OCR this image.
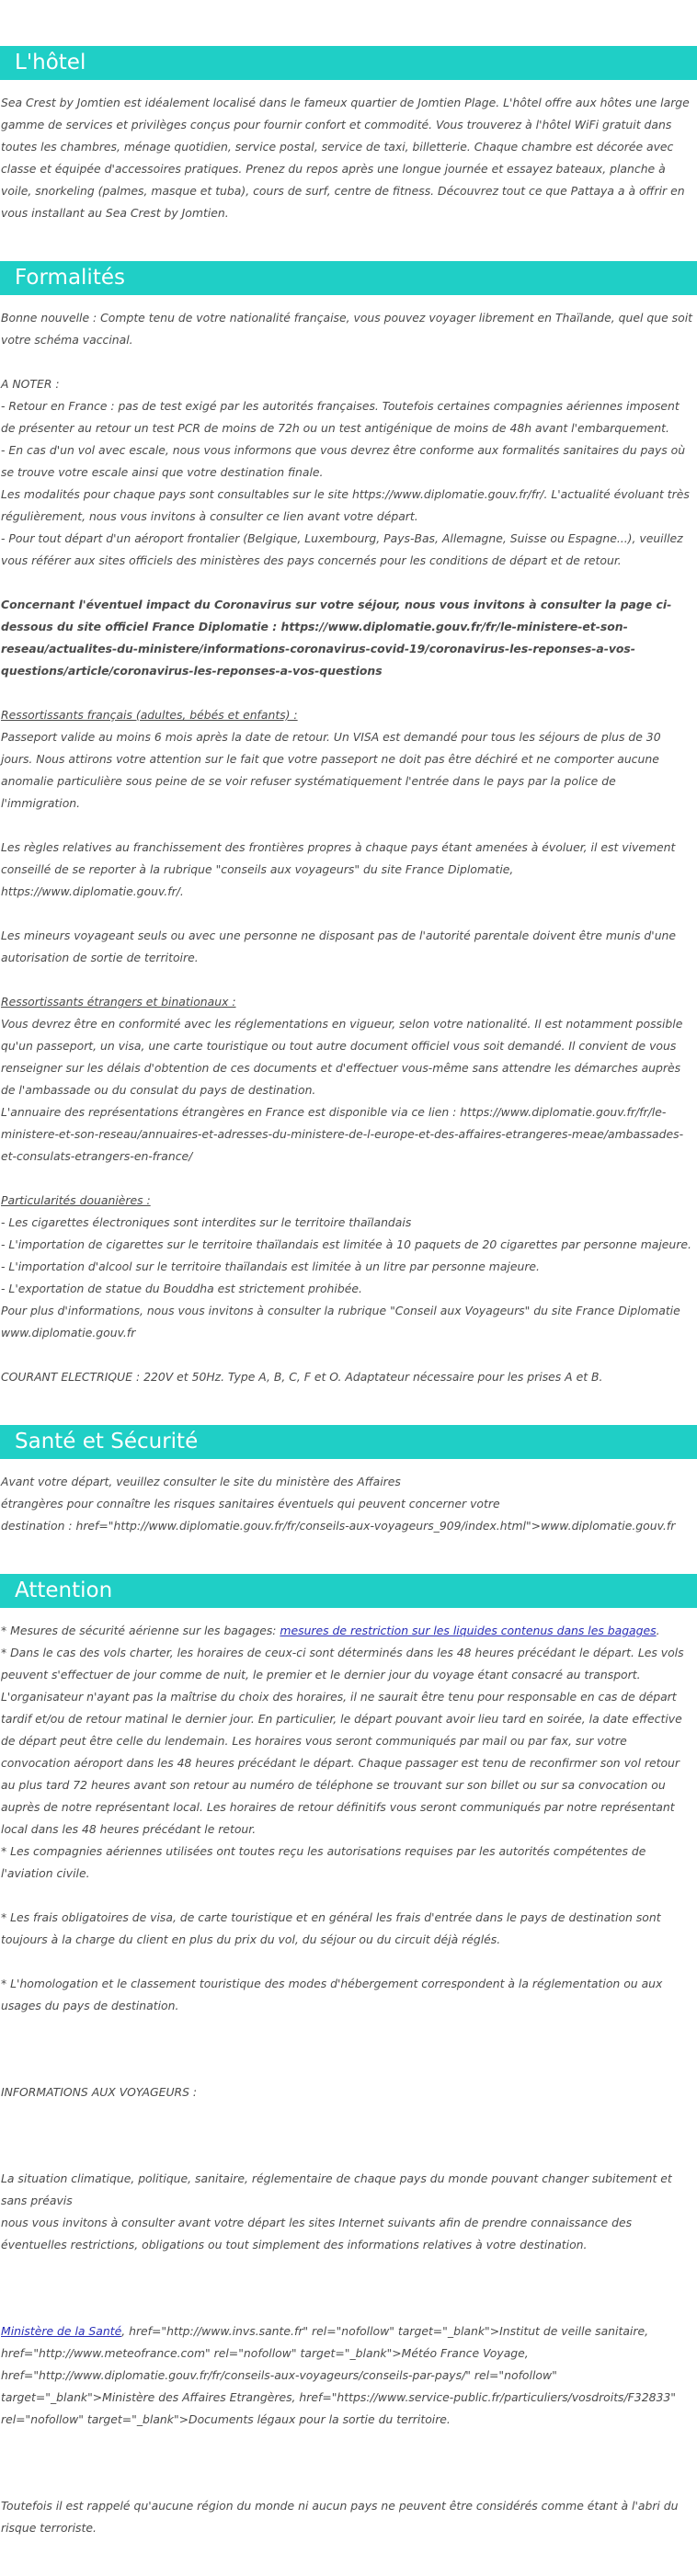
L'hôtel

Sea Crest by Jomtien est idéalement localisé dans le fameux quartier de Jomtien Plage. L'hôtel offre aux hôtes une large gamme de services et privilèges conçus pour fournir confort et commodité. Vous trouverez à l'hôtel WiFi gratuit dans toutes les chambres, ménage quotidien, service postal, service de taxi, billetterie. Chaque chambre est décorée avec classe et équipée d'accessoires pratiques. Prenez du repos après une longue journée et essayez bateaux, planche à voile, snorkeling (palmes, masque et tuba), cours de surf, centre de fitness. Découvrez tout ce que Pattaya a à offrir en vous installant au Sea Crest by Jomtien.

Formalités

Bonne nouvelle : Compte tenu de votre nationalité française, vous pouvez voyager librement en Thaïlande, quel que soit votre schéma vaccinal.

A NOTER :

- Retour en France : pas de test exigé par les autorités françaises. Toutefois certaines compagnies aériennes imposent de présenter au retour un test PCR de moins de 72h ou un test antigénique de moins de 48h avant l'embarquement.

- En cas d'un vol avec escale, nous vous informons que vous devrez être conforme aux formalités sanitaires du pays où se trouve votre escale ainsi que votre destination finale.

Les modalités pour chaque pays sont consultables sur le site https://www.diplomatie.gouv.fr/fr/. L'actualité évoluant très régulièrement, nous vous invitons à consulter ce lien avant votre départ.

- Pour tout départ d'un aéroport frontalier (Belgique, Luxembourg, Pays-Bas, Allemagne, Suisse ou Espagne...), veuillez vous référer aux sites officiels des ministères des pays concernés pour les conditions de départ et de retour.

Concernant l'éventuel impact du Coronavirus sur votre séjour, nous vous invitons à consulter la page ci-dessous du site officiel France Diplomatie : https://www.diplomatie.gouv.fr/fr/le-ministere-et-son-reseau/actualites-du-ministere/informations-coronavirus-covid-19/coronavirus-les-reponses-a-vos-questions/article/coronavirus-les-reponses-a-vos-questions

Ressortissants français (adultes, bébés et enfants) :

Passeport valide au moins 6 mois après la date de retour. Un VISA est demandé pour tous les séjours de plus de 30 jours. Nous attirons votre attention sur le fait que votre passeport ne doit pas être déchiré et ne comporter aucune anomalie particulière sous peine de se voir refuser systématiquement l'entrée dans le pays par la police de l'immigration.

Les règles relatives au franchissement des frontières propres à chaque pays étant amenées à évoluer, il est vivement conseillé de se reporter à la rubrique "conseils aux voyageurs" du site France Diplomatie, https://www.diplomatie.gouv.fr/.

Les mineurs voyageant seuls ou avec une personne ne disposant pas de l'autorité parentale doivent être munis d'une autorisation de sortie de territoire.

Ressortissants étrangers et binationaux :

Vous devrez être en conformité avec les réglementations en vigueur, selon votre nationalité. Il est notamment possible qu'un passeport, un visa, une carte touristique ou tout autre document officiel vous soit demandé. Il convient de vous renseigner sur les délais d'obtention de ces documents et d'effectuer vous-même sans attendre les démarches auprès de l'ambassade ou du consulat du pays de destination.

L'annuaire des représentations étrangères en France est disponible via ce lien : https://www.diplomatie.gouv.fr/fr/le-ministere-et-son-reseau/annuaires-et-adresses-du-ministere-de-l-europe-et-des-affaires-etrangeres-meae/ambassades-et-consulats-etrangers-en-france/

Particularités douanières :

- Les cigarettes électroniques sont interdites sur le territoire thaïlandais

- L'importation de cigarettes sur le territoire thaïlandais est limitée à 10 paquets de 20 cigarettes par personne majeure.

- L'importation d'alcool sur le territoire thaïlandais est limitée à un litre par personne majeure.

- L'exportation de statue du Bouddha est strictement prohibée.

Pour plus d'informations, nous vous invitons à consulter la rubrique "Conseil aux Voyageurs" du site France Diplomatie www.diplomatie.gouv.fr

COURANT ELECTRIQUE : 220V et 50Hz. Type A, B, C, F et O. Adaptateur nécessaire pour les prises A et B.

Santé et Sécurité

Avant votre départ, veuillez consulter le site du ministère des Affaires

étrangères pour connaître les risques sanitaires éventuels qui peuvent concerner votre

destination : href="http://www.diplomatie.gouv.fr/fr/conseils-aux-voyageurs_909/index.html">www.diplomatie.gouv.fr

Attention

* Mesures de sécurité aérienne sur les bagages: mesures de restriction sur les liquides contenus dans les bagages.

* Dans le cas des vols charter, les horaires de ceux-ci sont déterminés dans les 48 heures précédant le départ. Les vols peuvent s'effectuer de jour comme de nuit, le premier et le dernier jour du voyage étant consacré au transport. L'organisateur n'ayant pas la maîtrise du choix des horaires, il ne saurait être tenu pour responsable en cas de départ tardif et/ou de retour matinal le dernier jour. En particulier, le départ pouvant avoir lieu tard en soirée, la date effective de départ peut être celle du lendemain. Les horaires vous seront communiqués par mail ou par fax, sur votre convocation aéroport dans les 48 heures précédant le départ. Chaque passager est tenu de reconfirmer son vol retour au plus tard 72 heures avant son retour au numéro de téléphone se trouvant sur son billet ou sur sa convocation ou auprès de notre représentant local. Les horaires de retour définitifs vous seront communiqués par notre représentant local dans les 48 heures précédant le retour.

* Les compagnies aériennes utilisées ont toutes reçu les autorisations requises par les autorités compétentes de l'aviation civile.

* Les frais obligatoires de visa, de carte touristique et en général les frais d'entrée dans le pays de destination sont toujours à la charge du client en plus du prix du vol, du séjour ou du circuit déjà réglés.

* L'homologation et le classement touristique des modes d'hébergement correspondent à la réglementation ou aux usages du pays de destination.

INFORMATIONS AUX VOYAGEURS :

La situation climatique, politique, sanitaire, réglementaire de chaque pays du monde pouvant changer subitement et sans préavis

nous vous invitons à consulter avant votre départ les sites Internet suivants afin de prendre connaissance des éventuelles restrictions, obligations ou tout simplement des informations relatives à votre destination.

Ministère de la Santé, href="http://www.invs.sante.fr" rel="nofollow" target="_blank">Institut de veille sanitaire, href="http://www.meteofrance.com" rel="nofollow" target="_blank">Météo France Voyage, href="http://www.diplomatie.gouv.fr/fr/conseils-aux-voyageurs/conseils-par-pays/" rel="nofollow" target="_blank">Ministère des Affaires Etrangères, href="https://www.service-public.fr/particuliers/vosdroits/F32833" rel="nofollow" target="_blank">Documents légaux pour la sortie du territoire.

Toutefois il est rappelé qu'aucune région du monde ni aucun pays ne peuvent être considérés comme étant à l'abri du risque terroriste.
